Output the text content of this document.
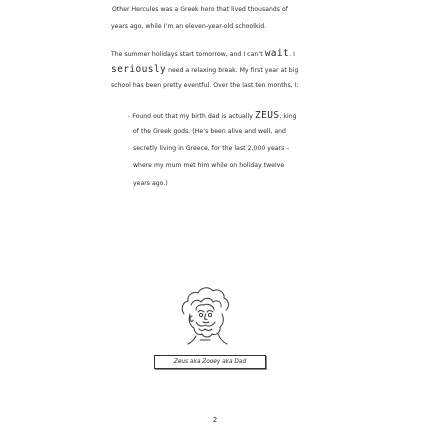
Other Hercules was a Greek hero that lived thousands of
years ago, while I’m an eleven-year-old schoolkid.
The summer holidays start tomorrow, and I can’t wait. I
seriously need a relaxing break. My first year at big
school has been pretty eventful. Over the last ten months, I:
- Found out that my birth dad is actually ZEUS, king
of the Greek gods. (He’s been alive and well, and
secretly living in Greece, for the last 2,000 years –
where my mum met him while on holiday twelve
years ago.)
Zeus aka Zooey aka Dad
2
